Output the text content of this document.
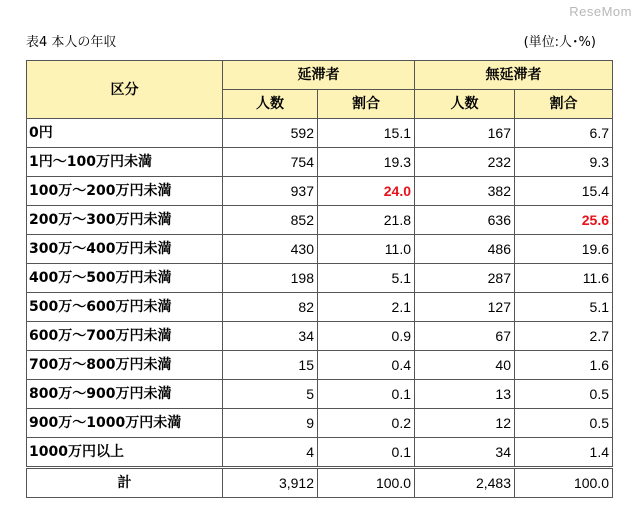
ReseMom
表4 本人の年収	(単位:人･%)
区分	延滞者		無延滞者	
	人数	割合	人数	割合
0円	592	15.1	167	6.7
1円～100万円未満	754	19.3	232	9.3
100万～200万円未満	937	24.0	382	15.4
200万～300万円未満	852	21.8	636	25.6
300万～400万円未満	430	11.0	486	19.6
400万～500万円未満	198	5.1	287	11.6
500万～600万円未満	82	2.1	127	5.1
600万～700万円未満	34	0.9	67	2.7
700万～800万円未満	15	0.4	40	1.6
800万～900万円未満	5	0.1	13	0.5
900万～1000万円未満	9	0.2	12	0.5
1000万円以上	4	0.1	34	1.4
計	3,912	100.0	2,483	100.0
